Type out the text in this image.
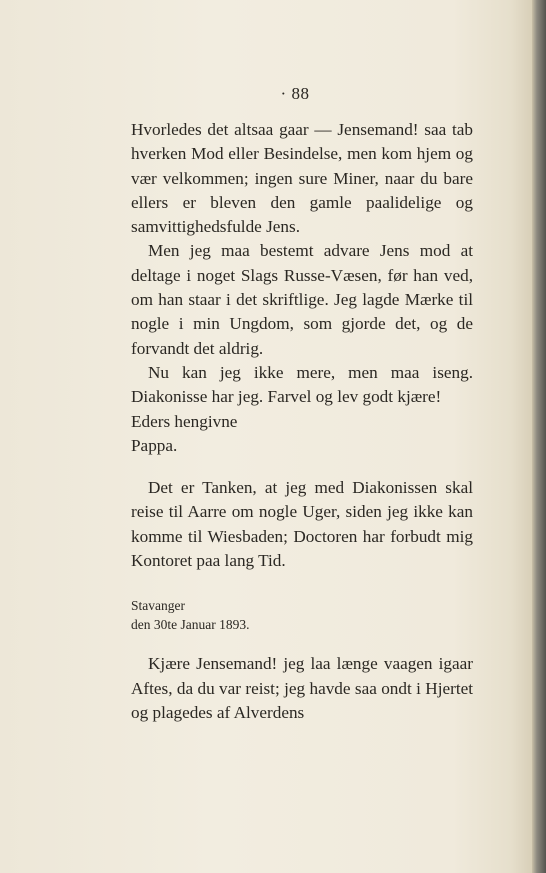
· 88

Hvorledes det altsaa gaar — Jensemand! saa tab hverken Mod eller Besindelse, men kom hjem og vær velkommen; ingen sure Miner, naar du bare ellers er bleven den gamle paalidelige og samvittighedsfulde Jens.

Men jeg maa bestemt advare Jens mod at deltage i noget Slags Russe-Væsen, før han ved, om han staar i det skriftlige. Jeg lagde Mærke til nogle i min Ungdom, som gjorde det, og de forvandt det aldrig.

Nu kan jeg ikke mere, men maa iseng. Diakonisse har jeg. Farvel og lev godt kjære!

Eders hengivne

Pappa.

Det er Tanken, at jeg med Diakonissen skal reise til Aarre om nogle Uger, siden jeg ikke kan komme til Wiesbaden; Doctoren har forbudt mig Kontoret paa lang Tid.

Stavanger

den 30te Januar 1893.

Kjære Jensemand! jeg laa længe vaagen igaar Aftes, da du var reist; jeg havde saa ondt i Hjertet og plagedes af Alverdens
